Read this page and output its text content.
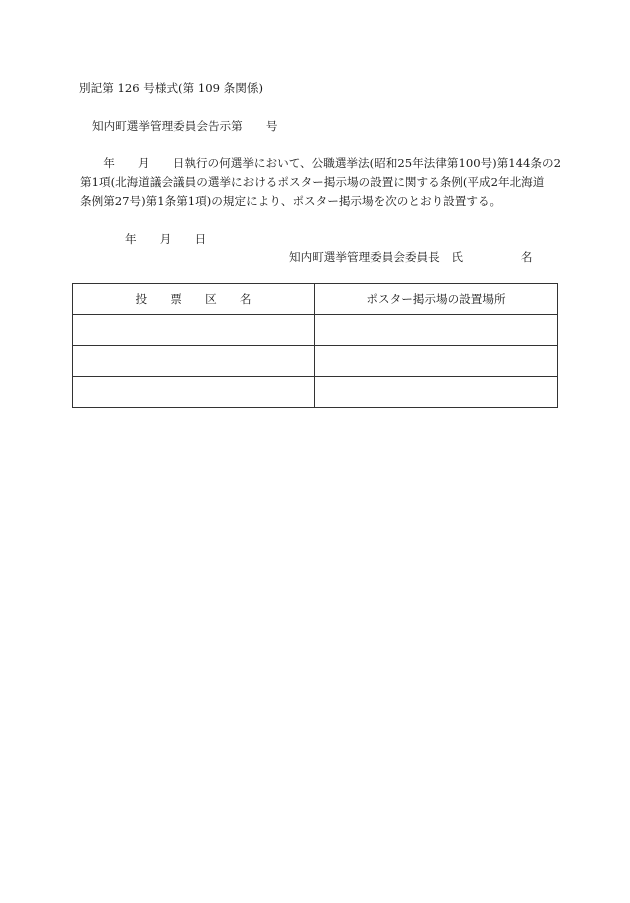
別記第 126 号様式(第 109 条関係)
知内町選挙管理委員会告示第　　号
　　年　　月　　日執行の何選挙において、公職選挙法(昭和25年法律第100号)第144条の2
第1項(北海道議会議員の選挙におけるポスター掲示場の設置に関する条例(平成2年北海道
条例第27号)第1条第1項)の規定により、ポスター掲示場を次のとおり設置する。
年　　月　　日
知内町選挙管理委員会委員長　氏　　　　　名
投　　票　　区　　名	ポスター掲示場の設置場所
